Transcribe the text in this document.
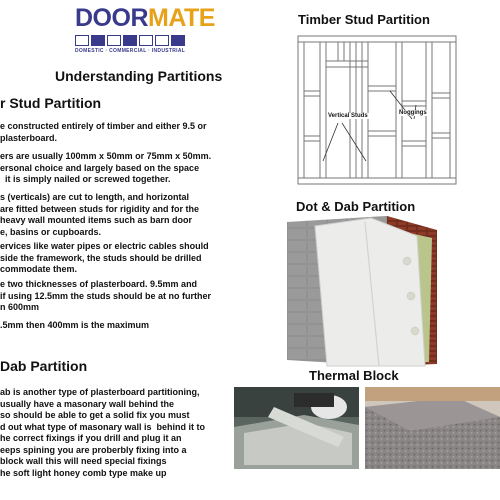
DOORMATE
DOMESTIC · COMMERCIAL · INDUSTRIAL
Understanding Partitions
r Stud Partition
e constructed entirely of timber and either 9.5 or
plasterboard.
ers are usually 100mm x 50mm or 75mm x 50mm.
ersonal choice and largely based on the space
it is simply nailed or screwed together.
s (verticals) are cut to length, and horizontal
are fitted between studs for rigidity and for the
heavy wall mounted items such as barn door
e, basins or cupboards.
ervices like water pipes or electric cables should
side the framework, the studs should be drilled
commodate them.
e two thicknesses of plasterboard. 9.5mm and
if using 12.5mm the studs should be at no further
n 600mm
.5mm then 400mm is the maximum
Dab Partition
ab is another type of plasterboard partitioning,
usually have a masonary wall behind the
so should be able to get a solid fix you must
d out what type of masonary wall is  behind it to
he correct fixings if you drill and plug it an
eeps spining you are proberbly fixing into a
block wall this will need special fixings
he soft light honey comb type make up
Timber Stud Partition
Vertical Studs	Noggings
Dot & Dab Partition
Thermal Block
